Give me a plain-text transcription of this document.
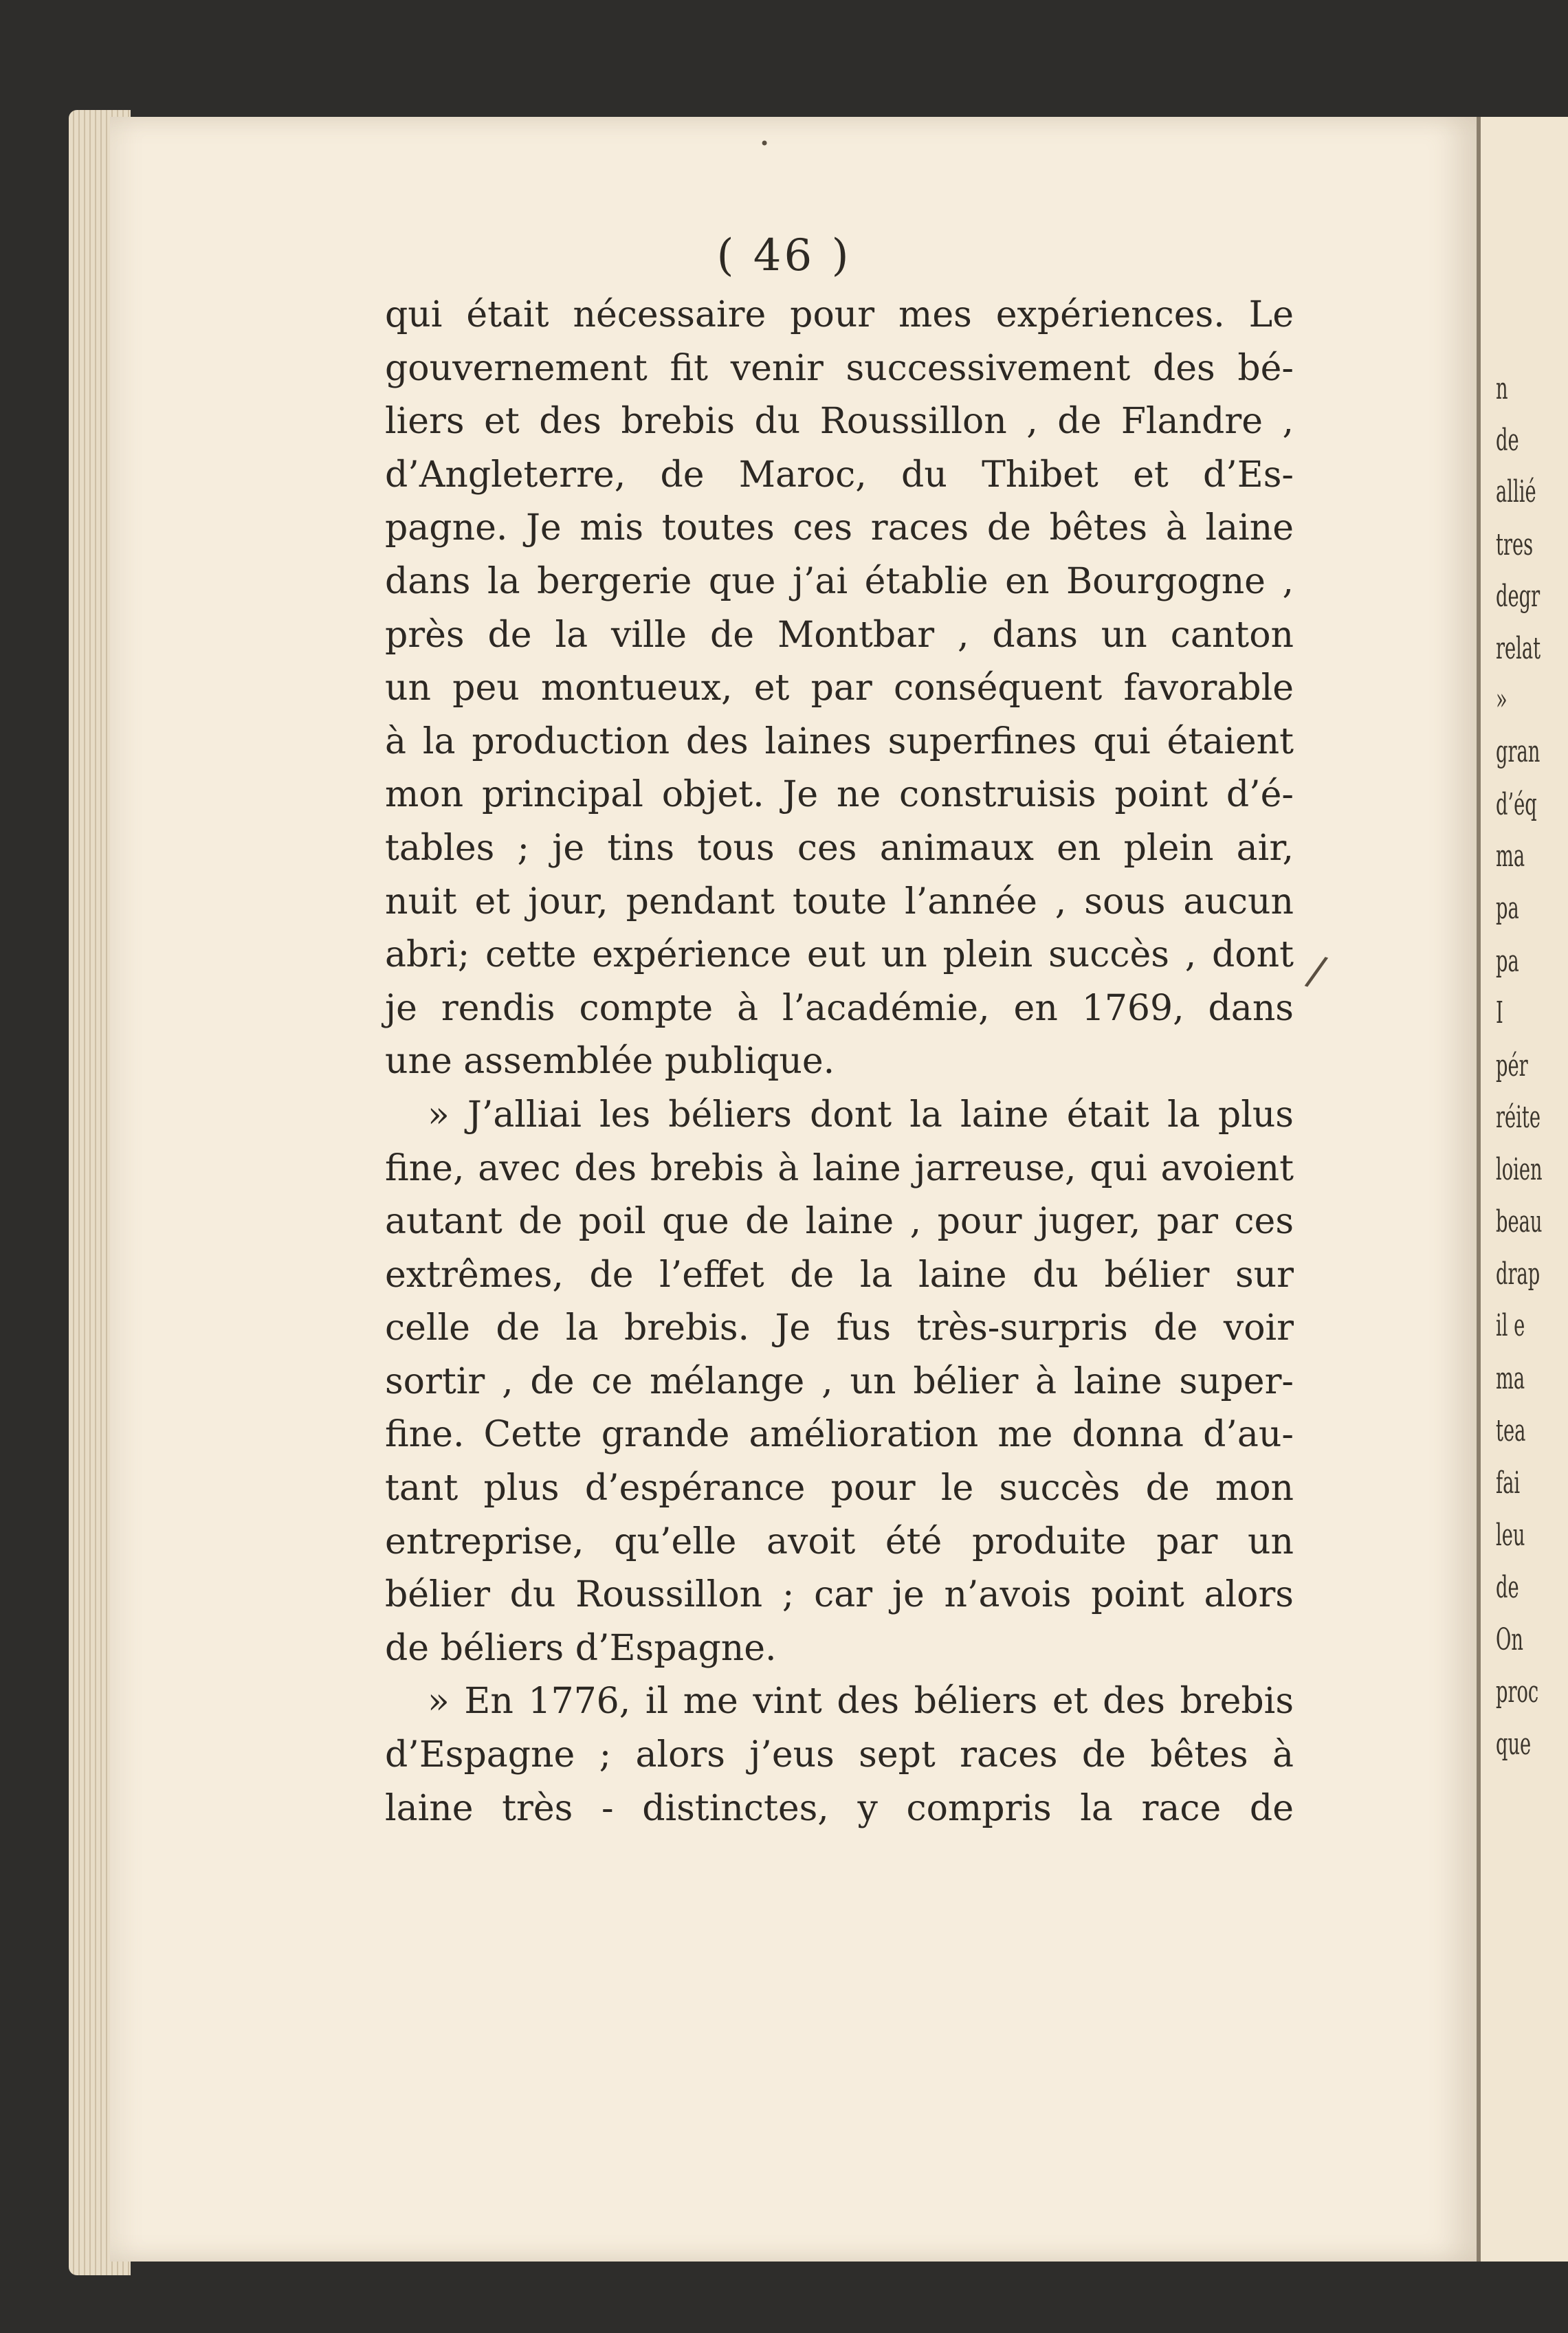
( 46 )
qui était nécessaire pour mes expériences. Le
gouvernement fit venir successivement des bé-
liers et des brebis du Roussillon , de Flandre ,
d’Angleterre, de Maroc, du Thibet et d’Es-
pagne. Je mis toutes ces races de bêtes à laine
dans la bergerie que j’ai établie en Bourgogne ,
près de la ville de Montbar , dans un canton
un peu montueux, et par conséquent favorable
à la production des laines superfines qui étaient
mon principal objet. Je ne construisis point d’é-
tables ; je tins tous ces animaux en plein air,
nuit et jour, pendant toute l’année , sous aucun
abri; cette expérience eut un plein succès , dont
je rendis compte à l’académie, en 1769, dans
une assemblée publique.
» J’alliai les béliers dont la laine était la plus
fine, avec des brebis à laine jarreuse, qui avoient
autant de poil que de laine , pour juger, par ces
extrêmes, de l’effet de la laine du bélier sur
celle de la brebis. Je fus très-surpris de voir
sortir , de ce mélange , un bélier à laine super-
fine. Cette grande amélioration me donna d’au-
tant plus d’espérance pour le succès de mon
entreprise, qu’elle avoit été produite par un
bélier du Roussillon ; car je n’avois point alors
de béliers d’Espagne.
» En 1776, il me vint des béliers et des brebis
d’Espagne ; alors j’eus sept races de bêtes à
laine très - distinctes, y compris la race de
/
•
n
de
allié
tres
degr
relat
»
gran
d’éq
ma
pa
pa
I
pér
réite
loien
beau
drap
il e
ma
tea
fai
leu
de
On
proc
que
